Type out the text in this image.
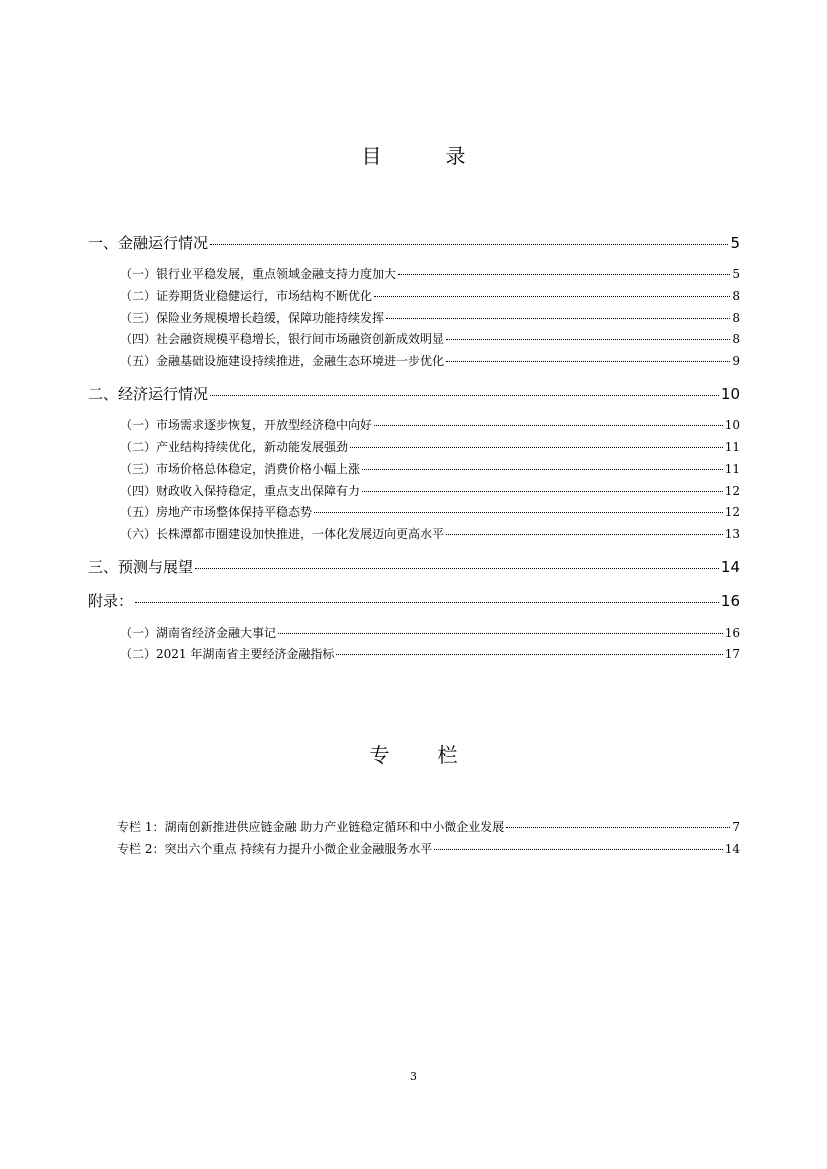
目　录
一、金融运行情况	5
（一）银行业平稳发展，重点领域金融支持力度加大	5
（二）证券期货业稳健运行，市场结构不断优化	8
（三）保险业务规模增长趋缓，保障功能持续发挥	8
（四）社会融资规模平稳增长，银行间市场融资创新成效明显	8
（五）金融基础设施建设持续推进，金融生态环境进一步优化	9
二、经济运行情况	10
（一）市场需求逐步恢复，开放型经济稳中向好	10
（二）产业结构持续优化，新动能发展强劲	11
（三）市场价格总体稳定，消费价格小幅上涨	11
（四）财政收入保持稳定，重点支出保障有力	12
（五）房地产市场整体保持平稳态势	12
（六）长株潭都市圈建设加快推进，一体化发展迈向更高水平	13
三、预测与展望	14
附录：	16
（一）湖南省经济金融大事记	16
（二）2021 年湖南省主要经济金融指标	17
专　栏
专栏 1：湖南创新推进供应链金融 助力产业链稳定循环和中小微企业发展	7
专栏 2：突出六个重点 持续有力提升小微企业金融服务水平	14
3
